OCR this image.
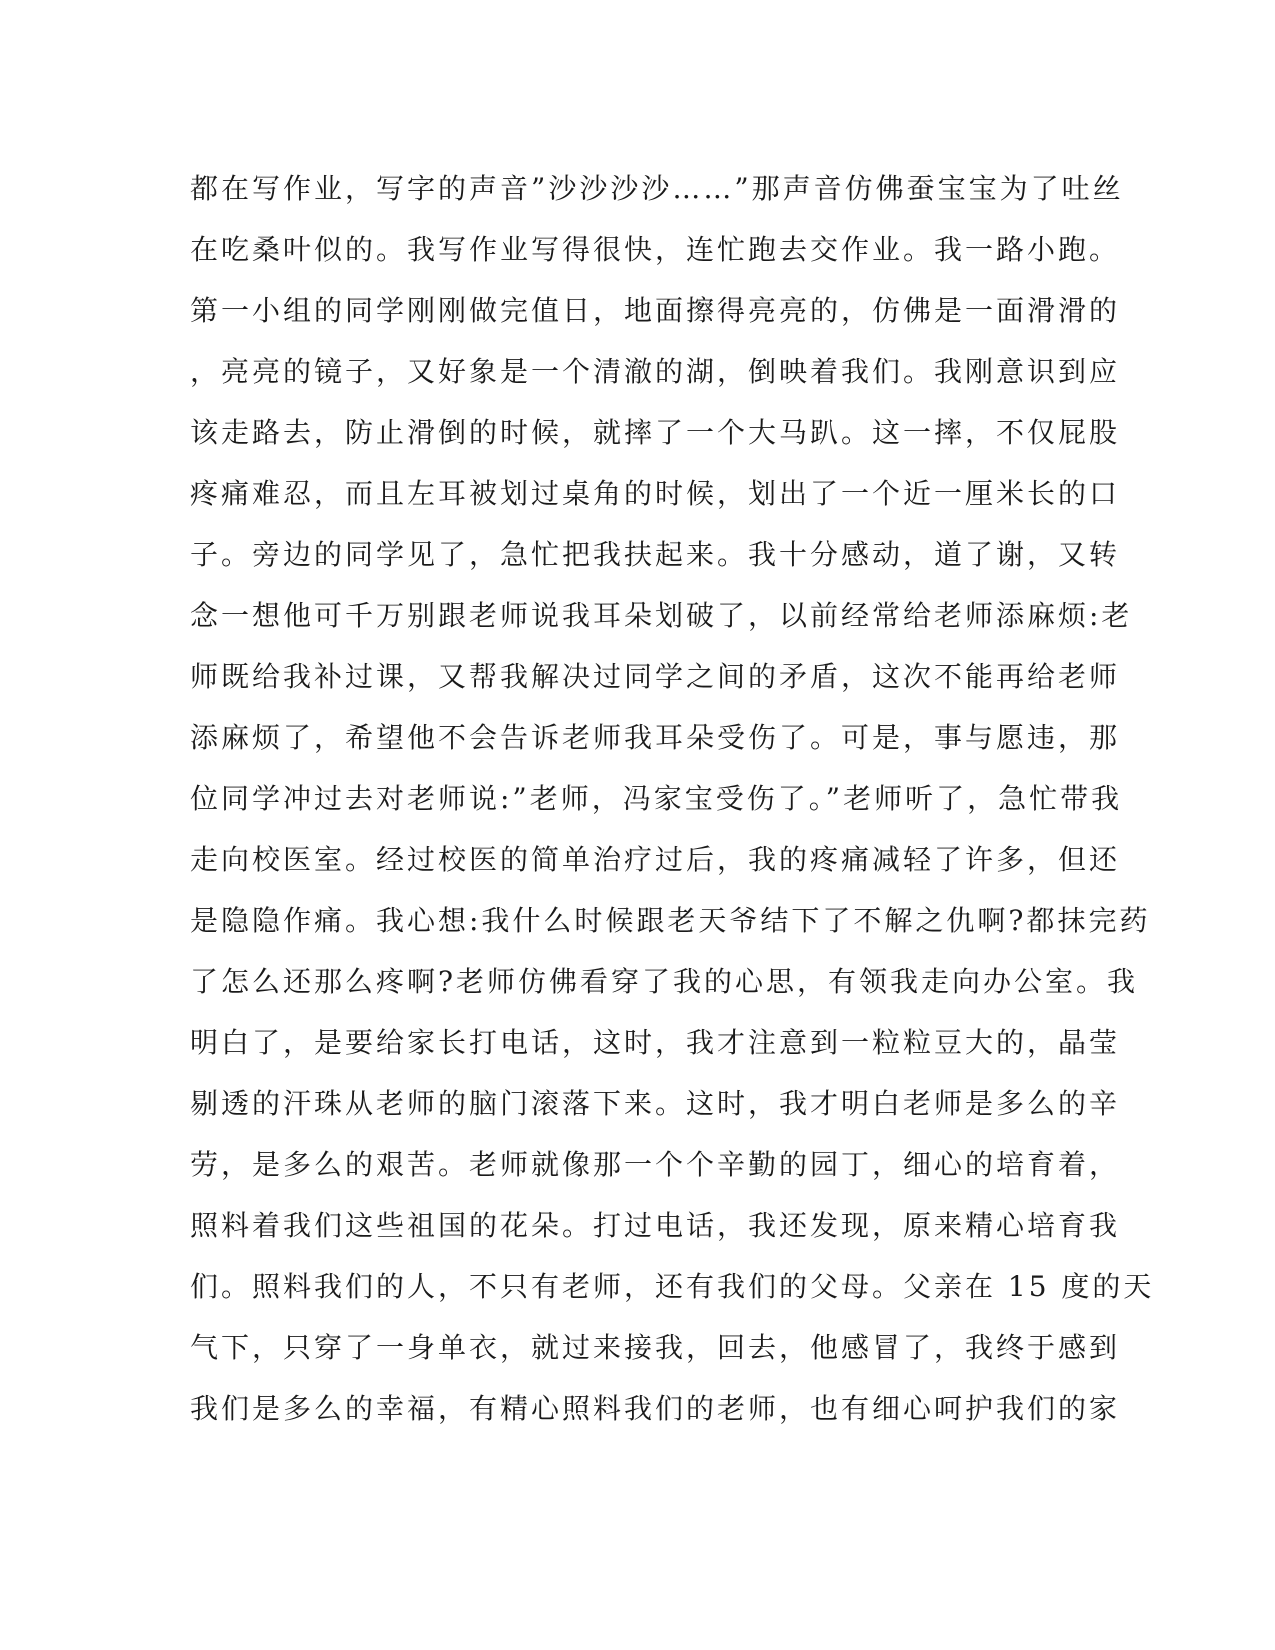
都在写作业，写字的声音”沙沙沙沙……”那声音仿佛蚕宝宝为了吐丝
在吃桑叶似的。我写作业写得很快，连忙跑去交作业。我一路小跑。
第一小组的同学刚刚做完值日，地面擦得亮亮的，仿佛是一面滑滑的
，亮亮的镜子，又好象是一个清澈的湖，倒映着我们。我刚意识到应
该走路去，防止滑倒的时候，就摔了一个大马趴。这一摔，不仅屁股
疼痛难忍，而且左耳被划过桌角的时候，划出了一个近一厘米长的口
子。旁边的同学见了，急忙把我扶起来。我十分感动，道了谢，又转
念一想他可千万别跟老师说我耳朵划破了，以前经常给老师添麻烦:老
师既给我补过课，又帮我解决过同学之间的矛盾，这次不能再给老师
添麻烦了，希望他不会告诉老师我耳朵受伤了。可是，事与愿违，那
位同学冲过去对老师说:”老师，冯家宝受伤了。”老师听了，急忙带我
走向校医室。经过校医的简单治疗过后，我的疼痛减轻了许多，但还
是隐隐作痛。我心想:我什么时候跟老天爷结下了不解之仇啊?都抹完药
了怎么还那么疼啊?老师仿佛看穿了我的心思，有领我走向办公室。我
明白了，是要给家长打电话，这时，我才注意到一粒粒豆大的，晶莹
剔透的汗珠从老师的脑门滚落下来。这时，我才明白老师是多么的辛
劳，是多么的艰苦。老师就像那一个个辛勤的园丁，细心的培育着，
照料着我们这些祖国的花朵。打过电话，我还发现，原来精心培育我
们。照料我们的人，不只有老师，还有我们的父母。父亲在 15 度的天
气下，只穿了一身单衣，就过来接我，回去，他感冒了，我终于感到
我们是多么的幸福，有精心照料我们的老师，也有细心呵护我们的家
